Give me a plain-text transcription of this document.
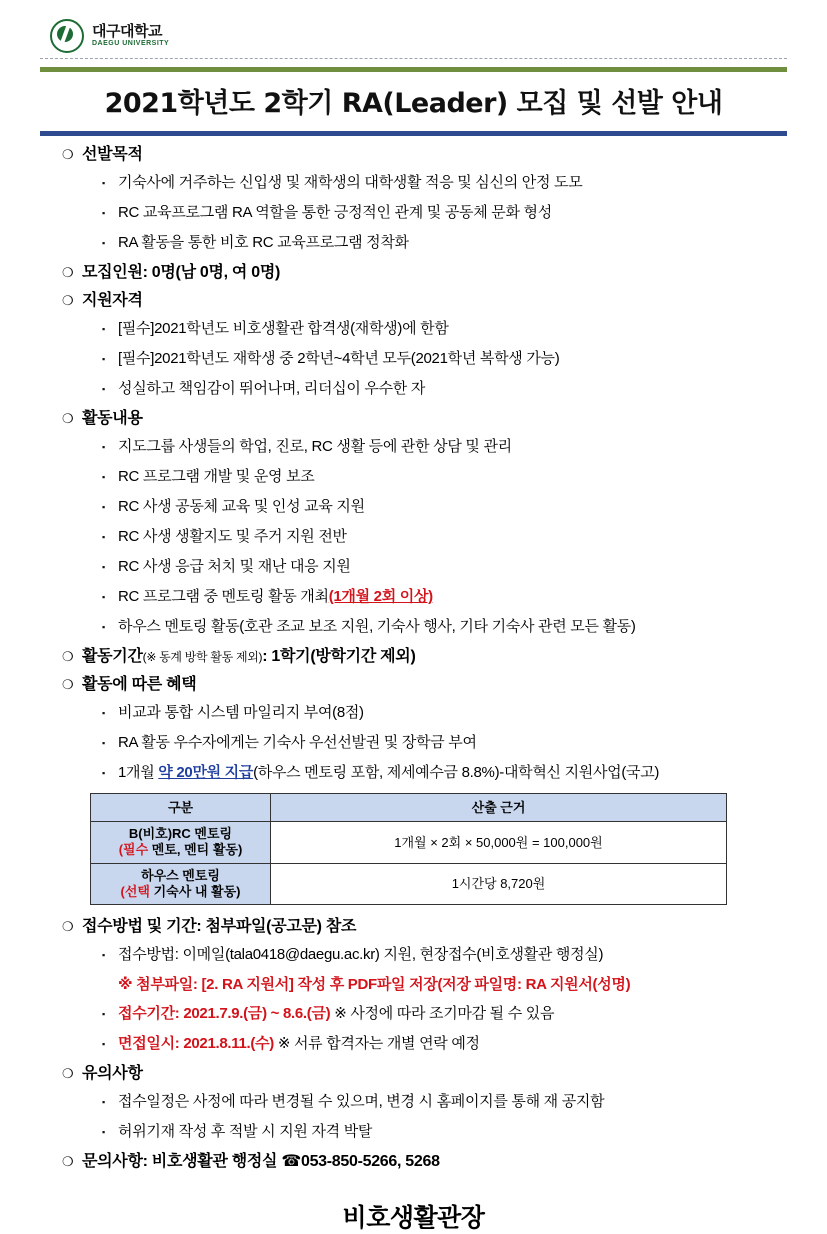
대구대학교
DAEGU UNIVERSITY
2021학년도 2학기 RA(Leader) 모집 및 선발 안내
❍ 선발목적
▪ 기숙사에 거주하는 신입생 및 재학생의 대학생활 적응 및 심신의 안정 도모
▪ RC 교육프로그램 RA 역할을 통한 긍정적인 관계 및 공동체 문화 형성
▪ RA 활동을 통한 비호 RC 교육프로그램 정착화
❍ 모집인원: 0명(남 0명, 여 0명)
❍ 지원자격
▪ [필수]2021학년도 비호생활관 합격생(재학생)에 한함
▪ [필수]2021학년도 재학생 중 2학년~4학년 모두(2021학년 복학생 가능)
▪ 성실하고 책임감이 뛰어나며, 리더십이 우수한 자
❍ 활동내용
▪ 지도그룹 사생들의 학업, 진로, RC 생활 등에 관한 상담 및 관리
▪ RC 프로그램 개발 및 운영 보조
▪ RC 사생 공동체 교육 및 인성 교육 지원
▪ RC 사생 생활지도 및 주거 지원 전반
▪ RC 사생 응급 처치 및 재난 대응 지원
▪ RC 프로그램 중 멘토링 활동 개최(1개월 2회 이상)
▪ 하우스 멘토링 활동(호관 조교 보조 지원, 기숙사 행사, 기타 기숙사 관련 모든 활동)
❍ 활동기간(※ 동계 방학 활동 제외): 1학기(방학기간 제외)
❍ 활동에 따른 혜택
▪ 비교과 통합 시스템 마일리지 부여(8점)
▪ RA 활동 우수자에게는 기숙사 우선선발권 및 장학금 부여
▪ 1개월 약 20만원 지급(하우스 멘토링 포함, 제세예수금 8.8%)-대학혁신 지원사업(국고)
구분	산출 근거

B(비호)RC 멘토링
(필수 멘토, 멘티 활동)	1개월 × 2회 × 50,000원 = 100,000원

하우스 멘토링
(선택 기숙사 내 활동)	1시간당 8,720원
❍ 접수방법 및 기간: 첨부파일(공고문) 참조
▪ 접수방법: 이메일(tala0418@daegu.ac.kr) 지원, 현장접수(비호생활관 행정실)
※ 첨부파일: [2. RA 지원서] 작성 후 PDF파일 저장(저장 파일명: RA 지원서(성명)
▪ 접수기간: 2021.7.9.(금) ~ 8.6.(금) ※ 사정에 따라 조기마감 될 수 있음
▪ 면접일시: 2021.8.11.(수) ※ 서류 합격자는 개별 연락 예정
❍ 유의사항
▪ 접수일정은 사정에 따라 변경될 수 있으며, 변경 시 홈페이지를 통해 재 공지함
▪ 허위기재 작성 후 적발 시 지원 자격 박탈
❍ 문의사항: 비호생활관 행정실 ☎053-850-5266, 5268
비호생활관장
